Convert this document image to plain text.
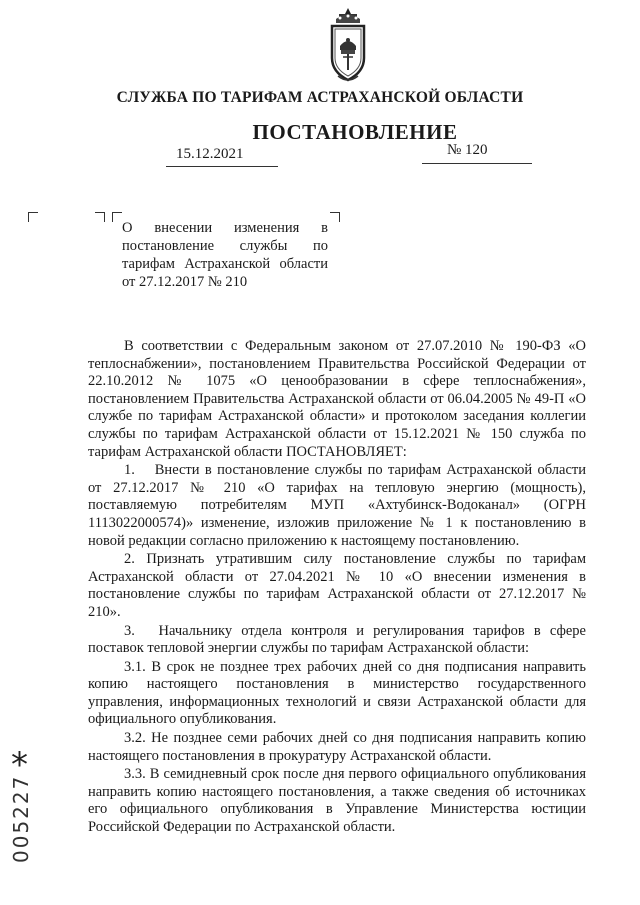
СЛУЖБА ПО ТАРИФАМ АСТРАХАНСКОЙ ОБЛАСТИ
ПОСТАНОВЛЕНИЕ
15.12.2021	№ 120

О внесении изменения в

постановление службы по

тарифам Астраханской области

от 27.12.2017 № 210

В соответствии с Федеральным законом от 27.07.2010 № 190-ФЗ «О теплоснабжении», постановлением Правительства Российской Федерации от 22.10.2012 № 1075 «О ценообразовании в сфере теплоснабжения», постановлением Правительства Астраханской области от 06.04.2005 № 49-П «О службе по тарифам Астраханской области» и протоколом заседания коллегии службы по тарифам Астраханской области от 15.12.2021 № 150 служба по тарифам Астраханской области ПОСТАНОВЛЯЕТ:

1.  Внести в постановление службы по тарифам Астраханской области от 27.12.2017 № 210 «О тарифах на тепловую энергию (мощность), поставляемую потребителям МУП «Ахтубинск-Водоканал» (ОГРН 1113022000574)» изменение, изложив приложение № 1 к постановлению в новой редакции согласно приложению к настоящему постановлению.

2. Признать утратившим силу постановление службы по тарифам Астраханской области от 27.04.2021 № 10 «О внесении изменения в постановление службы по тарифам Астраханской области от 27.12.2017 № 210».

3.  Начальнику отдела контроля и регулирования тарифов в сфере поставок тепловой энергии службы по тарифам Астраханской области:

3.1. В срок не позднее трех рабочих дней со дня подписания направить копию настоящего постановления в министерство государственного управления, информационных технологий и связи Астраханской области для официального опубликования.

3.2. Не позднее семи рабочих дней со дня подписания направить копию настоящего постановления в прокуратуру Астраханской области.

3.3. В семидневный срок после дня первого официального опубликования направить копию настоящего постановления, а также сведения об источниках его официального опубликования в Управление Министерства юстиции Российской Федерации по Астраханской области.

*
005227
